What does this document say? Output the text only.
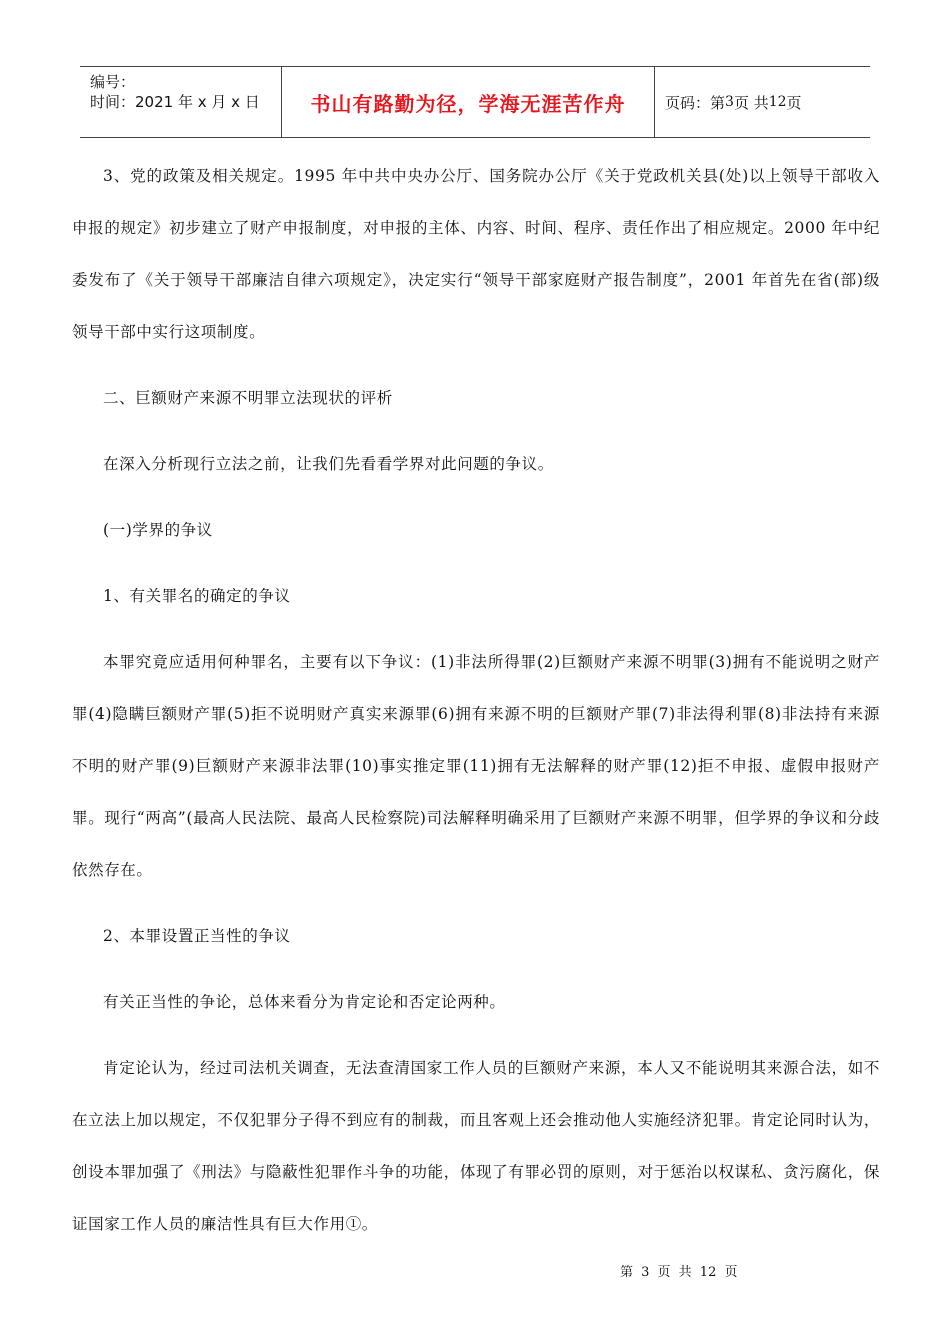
编号：
时间：2021 年 x 月 x 日	书山有路勤为径，学海无涯苦作舟	页码：第 3 页 共 12 页

3、党的政策及相关规定。1995 年中共中央办公厅、国务院办公厅《关于党政机关县(处)以上领导干部收入申报的规定》初步建立了财产申报制度，对申报的主体、内容、时间、程序、责任作出了相应规定。2000 年中纪委发布了《关于领导干部廉洁自律六项规定》，决定实行“领导干部家庭财产报告制度”，2001 年首先在省(部)级领导干部中实行这项制度。

二、巨额财产来源不明罪立法现状的评析

在深入分析现行立法之前，让我们先看看学界对此问题的争议。

(一)学界的争议

1、有关罪名的确定的争议

本罪究竟应适用何种罪名，主要有以下争议：(1)非法所得罪(2)巨额财产来源不明罪(3)拥有不能说明之财产罪(4)隐瞒巨额财产罪(5)拒不说明财产真实来源罪(6)拥有来源不明的巨额财产罪(7)非法得利罪(8)非法持有来源不明的财产罪(9)巨额财产来源非法罪(10)事实推定罪(11)拥有无法解释的财产罪(12)拒不申报、虚假申报财产罪。现行“两高”(最高人民法院、最高人民检察院)司法解释明确采用了巨额财产来源不明罪，但学界的争议和分歧依然存在。

2、本罪设置正当性的争议

有关正当性的争论，总体来看分为肯定论和否定论两种。

肯定论认为，经过司法机关调查，无法查清国家工作人员的巨额财产来源，本人又不能说明其来源合法，如不在立法上加以规定，不仅犯罪分子得不到应有的制裁，而且客观上还会推动他人实施经济犯罪。肯定论同时认为，创设本罪加强了《刑法》与隐蔽性犯罪作斗争的功能，体现了有罪必罚的原则，对于惩治以权谋私、贪污腐化，保证国家工作人员的廉洁性具有巨大作用①。

第 3 页 共 12 页
